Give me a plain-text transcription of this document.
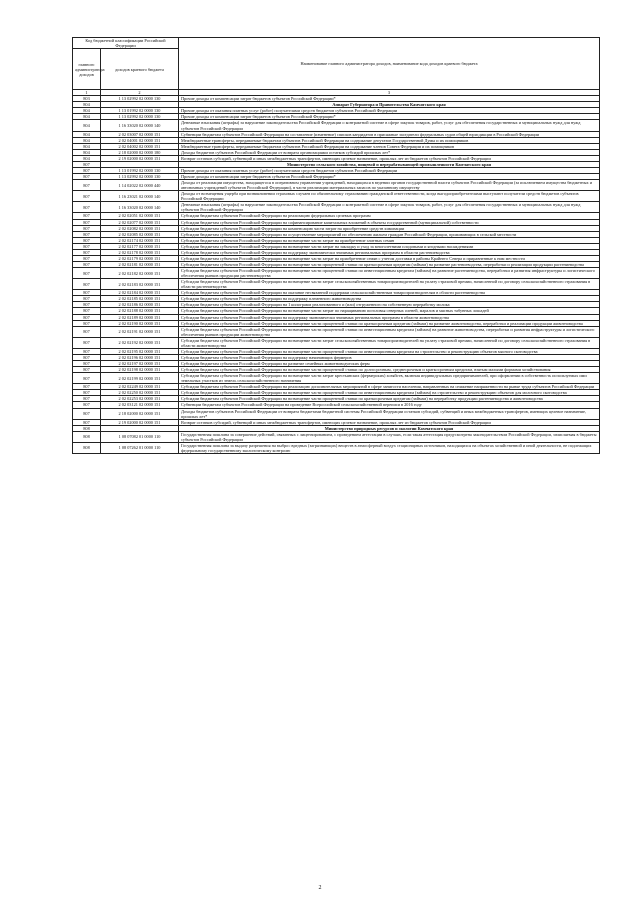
Код бюджетной классификации Российской Федерации		Наименование главного администратора доходов, наименование кода доходов краевого бюджета
главного администратора доходов	доходов краевого бюджета	
1	2	3
803	1 13 02992 02 0000 130	Прочие доходы от компенсации затрат бюджетов субъектов Российской Федерации*
804		Аппарат Губернатора и Правительства Камчатского края
804	1 13 01992 02 0000 130	Прочие доходы от оказания платных услуг (работ) получателями средств бюджетов субъектов Российской Федерации
804	1 13 02992 02 0000 130	Прочие доходы от компенсации затрат бюджетов субъектов Российской Федерации*
804	1 16 33020 02 0000 140	Денежные взыскания (штрафы) за нарушение законодательства Российской Федерации о контрактной системе в сфере закупок товаров, работ, услуг для обеспечения государственных и муниципальных нужд для нужд субъектов Российской Федерации
804	2 02 03007 02 0000 151	Субвенции бюджетам субъектов Российской Федерации на составление (изменение) списков кандидатов в присяжные заседатели федеральных судов общей юрисдикции в Российской Федерации
804	2 02 04001 02 0000 151	Межбюджетные трансферты, передаваемые бюджетам субъектов Российской Федерации на содержание депутатов Государственной Думы и их помощников
804	2 02 04002 02 0000 151	Межбюджетные трансферты, передаваемые бюджетам субъектов Российской Федерации на содержание членов Совета Федерации и их помощников
804	2 18 02000 02 0000 180	Доходы бюджетов субъектов Российской Федерации от возврата организациями остатков субсидий прошлых лет*
804	2 19 02000 02 0000 151	Возврат остатков субсидий, субвенций и иных межбюджетных трансфертов, имеющих целевое назначение, прошлых лет из бюджетов субъектов Российской Федерации
807		Министерство сельского хозяйства, пищевой и перерабатывающей промышленности Камчатского края
807	1 13 01992 02 0000 130	Прочие доходы от оказания платных услуг (работ) получателями средств бюджетов субъектов Российской Федерации
807	1 13 02992 02 0000 130	Прочие доходы от компенсации затрат бюджетов субъектов Российской Федерации*
807	1 14 02022 02 0000 440	Доходы от реализации имущества, находящегося в оперативном управлении учреждений, находящихся в ведении органов государственной власти субъектов Российской Федерации (за исключением имущества бюджетных и автономных учреждений субъектов Российской Федерации), в части реализации материальных запасов по указанному имуществу
807	1 16 23021 02 0000 140	Доходы от возмещения ущерба при возникновении страховых случаев по обязательному страхованию гражданской ответственности, когда выгодоприобретателями выступают получатели средств бюджетов субъектов Российской Федерации
807	1 16 33020 02 0000 140	Денежные взыскания (штрафы) за нарушение законодательства Российской Федерации о контрактной системе в сфере закупок товаров, работ, услуг для обеспечения государственных и муниципальных нужд для нужд субъектов Российской Федерации
807	2 02 02051 02 0000 151	Субсидии бюджетам субъектов Российской Федерации на реализацию федеральных целевых программ
807	2 02 02077 02 0000 151	Субсидии бюджетам субъектов Российской Федерации на софинансирование капитальных вложений в объекты государственной (муниципальной) собственности
807	2 02 02082 02 0000 151	Субсидии бюджетам субъектов Российской Федерации на компенсацию части затрат на приобретение средств химизации
807	2 02 02085 02 0000 151	Субсидии бюджетам субъектов Российской Федерации на осуществление мероприятий по обеспечению жильем граждан Российской Федерации, проживающих в сельской местности
807	2 02 02174 02 0000 151	Субсидии бюджетам субъектов Российской Федерации на возмещение части затрат на приобретение элитных семян
807	2 02 02177 02 0000 151	Субсидии бюджетам субъектов Российской Федерации на возмещение части затрат на закладку и уход за многолетними плодовыми и ягодными насаждениями
807	2 02 02178 02 0000 151	Субсидии бюджетам субъектов Российской Федерации на поддержку экономически значимых региональных программ в области растениеводства
807	2 02 02179 02 0000 151	Субсидии бюджетам субъектов Российской Федерации на возмещение части затрат на приобретение семян с учетом доставки в районы Крайнего Севера и приравненные к ним местности
807	2 02 02181 02 0000 151	Субсидии бюджетам субъектов Российской Федерации на возмещение части процентной ставки по краткосрочным кредитам (займам) на развитие растениеводства, переработки и реализации продукции растениеводства
807	2 02 02182 02 0000 151	Субсидии бюджетам субъектов Российской Федерации на возмещение части процентной ставки по инвестиционным кредитам (займам) на развитие растениеводства, переработки и развития инфраструктуры и логистического обеспечения рынков продукции растениеводства
807	2 02 02183 02 0000 151	Субсидии бюджетам субъектов Российской Федерации на возмещение части затрат сельскохозяйственных товаропроизводителей на уплату страховой премии, начисленной по договору сельскохозяйственного страхования в области растениеводства
807	2 02 02184 02 0000 151	Субсидии бюджетам субъектов Российской Федерации на оказание несвязанной поддержки сельскохозяйственным товаропроизводителям в области растениеводства
807	2 02 02185 02 0000 151	Субсидии бюджетам субъектов Российской Федерации на поддержку племенного животноводства
807	2 02 02186 02 0000 151	Субсидии бюджетам субъектов Российской Федерации на 1 килограмм реализованного и (или) отгруженного на собственную переработку молока
807	2 02 02188 02 0000 151	Субсидии бюджетам субъектов Российской Федерации на возмещение части затрат по наращиванию поголовья северных оленей, маралов и мясных табунных лошадей
807	2 02 02189 02 0000 151	Субсидии бюджетам субъектов Российской Федерации на поддержку экономически значимых региональных программ в области животноводства
807	2 02 02190 02 0000 151	Субсидии бюджетам субъектов Российской Федерации на возмещение части процентной ставки по краткосрочным кредитам (займам) на развитие животноводства, переработки и реализации продукции животноводства
807	2 02 02191 02 0000 151	Субсидии бюджетам субъектов Российской Федерации на возмещение части процентной ставки по инвестиционным кредитам (займам) на развитие животноводства, переработки и развития инфраструктуры и логистического обеспечения рынков продукции животноводства
807	2 02 02192 02 0000 151	Субсидии бюджетам субъектов Российской Федерации на возмещение части затрат сельскохозяйственных товаропроизводителей на уплату страховой премии, начисленной по договору сельскохозяйственного страхования в области животноводства
807	2 02 02195 02 0000 151	Субсидии бюджетам субъектов Российской Федерации на возмещение части процентной ставки по инвестиционным кредитам на строительство и реконструкцию объектов мясного скотоводства
807	2 02 02196 02 0000 151	Субсидии бюджетам субъектов Российской Федерации на поддержку начинающих фермеров
807	2 02 02197 02 0000 151	Субсидии бюджетам субъектов Российской Федерации на развитие семейных животноводческих ферм
807	2 02 02198 02 0000 151	Субсидии бюджетам субъектов Российской Федерации на возмещение части процентной ставки по долгосрочным, среднесрочным и краткосрочным кредитам, взятым малыми формами хозяйствования
807	2 02 02199 02 0000 151	Субсидии бюджетам субъектов Российской Федерации на возмещение части затрат крестьянских (фермерских) хозяйств, включая индивидуальных предпринимателей, при оформлении в собственность используемых ими земельных участков из земель сельскохозяйственного назначения
807	2 02 02249 02 0000 151	Субсидии бюджетам субъектов Российской Федерации на реализацию дополнительных мероприятий в сфере занятости населения, направленных на снижение напряженности на рынке труда субъектов Российской Федерации
807	2 02 02250 02 0000 151	Субсидии бюджетам субъектов Российской Федерации на возмещение части процентной ставки по инвестиционным кредитам (займам) на строительство и реконструкцию объектов для молочного скотоводства
807	2 02 02253 02 0000 151	Субсидии бюджетам субъектов Российской Федерации на возмещение части процентной ставки по краткосрочным кредитам (займам) на переработку продукции растениеводства и животноводства
807	2 02 03121 02 0000 151	Субвенции бюджетам субъектов Российской Федерации на проведение Всероссийской сельскохозяйственной переписи в 2016 году
807	2 18 02000 02 0000 151	Доходы бюджетов субъектов Российской Федерации от возврата бюджетами бюджетной системы Российской Федерации остатков субсидий, субвенций и иных межбюджетных трансфертов, имеющих целевое назначение, прошлых лет*
807	2 19 02000 02 0000 151	Возврат остатков субсидий, субвенций и иных межбюджетных трансфертов, имеющих целевое назначение, прошлых лет из бюджетов субъектов Российской Федерации
808		Министерство природных ресурсов и экологии Камчатского края
808	1 08 07082 01 0000 110	Государственная пошлина за совершение действий, связанных с лицензированием, с проведением аттестации в случаях, если такая аттестация предусмотрена законодательством Российской Федерации, зачисляемая в бюджеты субъектов Российской Федерации
808	1 08 07262 01 0000 110	Государственная пошлина за выдачу разрешения на выброс вредных (загрязняющих) веществ в атмосферный воздух стационарных источников, находящихся на объектах хозяйственной и иной деятельности, не подлежащих федеральному государственному экологическому контролю
2
